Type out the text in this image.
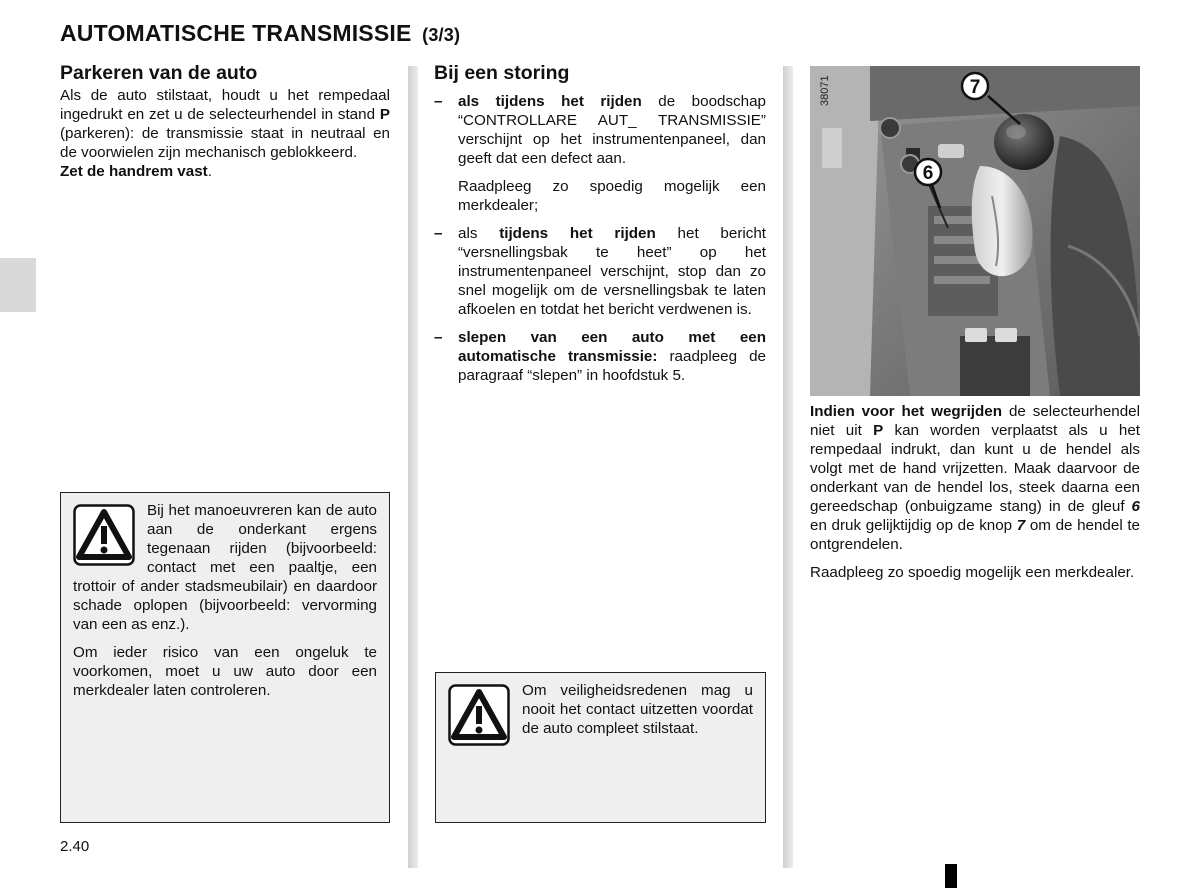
AUTOMATISCHE TRANSMISSIE (3/3)
Parkeren van de auto

Als de auto stilstaat, houdt u het rempedaal ingedrukt en zet u de selecteurhendel in stand P (parkeren): de transmissie staat in neutraal en de voorwielen zijn mechanisch geblokkeerd.

Zet de handrem vast.

Bij het manoeuvreren kan de auto aan de onderkant ergens tegenaan rijden (bijvoorbeeld: contact met een paaltje, een trottoir of ander stadsmeubilair) en daardoor schade oplopen (bijvoorbeeld: vervorming van een as enz.).

Om ieder risico van een ongeluk te voorkomen, moet u uw auto door een merkdealer laten controleren.

Bij een storing
–	als tijdens het rijden de boodschap “CONTROLLARE AUT_ TRANSMISSIE” verschijnt op het instrumentenpaneel, dan geeft dat een defect aan.

Raadpleeg zo spoedig mogelijk een merkdealer;

–	als tijdens het rijden het bericht “versnellingsbak te heet” op het instrumentenpaneel verschijnt, stop dan zo snel mogelijk om de versnellingsbak te laten afkoelen en totdat het bericht verdwenen is.
–	slepen van een auto met een automatische transmissie: raadpleeg de paragraaf “slepen” in hoofdstuk 5.

Om veiligheidsredenen mag u nooit het contact uitzetten voordat de auto compleet stilstaat.

38071	7
6

Indien voor het wegrijden de selecteurhendel niet uit P kan worden verplaatst als u het rempedaal indrukt, dan kunt u de hendel als volgt met de hand vrijzetten. Maak daarvoor de onderkant van de hendel los, steek daarna een gereedschap (onbuigzame stang) in de gleuf 6 en druk gelijktijdig op de knop 7 om de hendel te ontgrendelen.

Raadpleeg zo spoedig mogelijk een merkdealer.

2.40
